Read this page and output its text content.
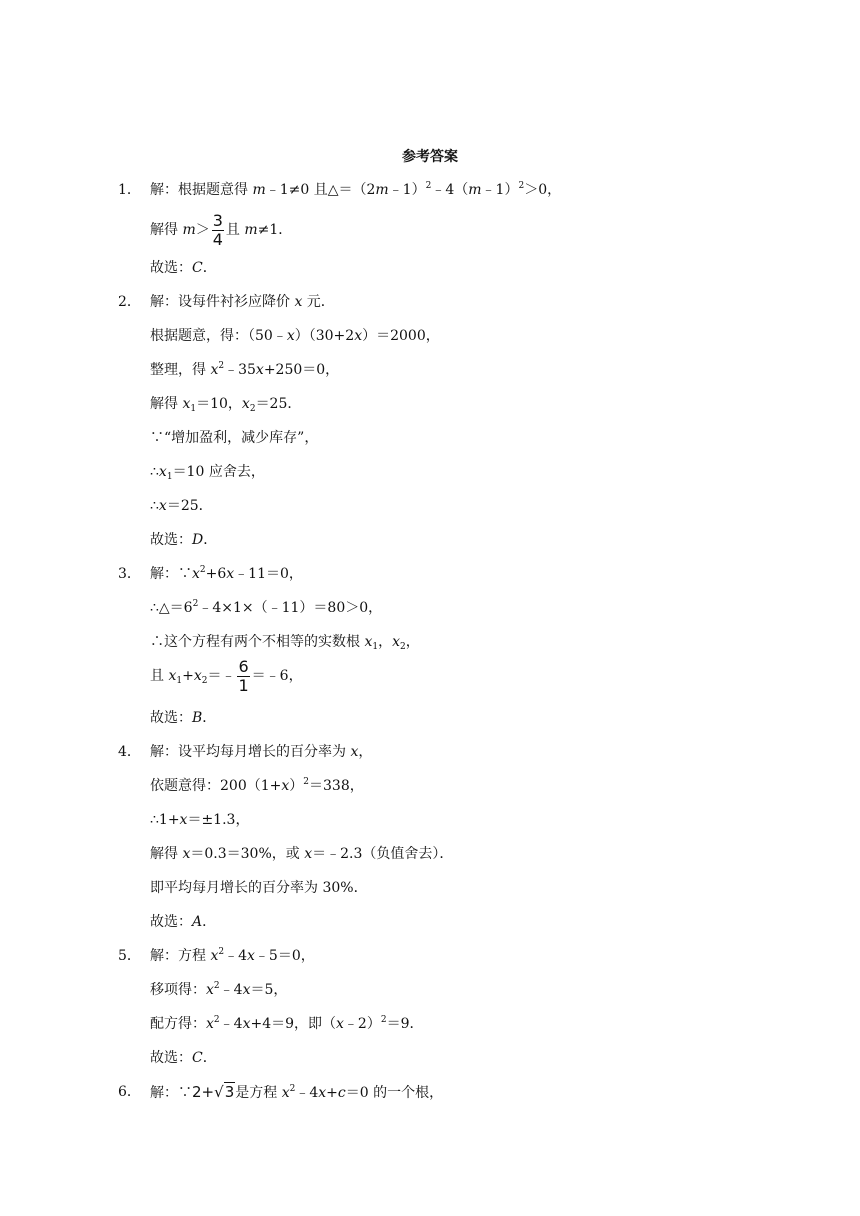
参考答案
1． 解：根据题意得 m﹣1≠0 且△＝（2m﹣1）$^2$﹣4（m﹣1）$^2$＞0，
解得 $m> \frac{3}{4}$ 且 m≠1．
故选：C．
2． 解：设每件衬衫应降价 x 元．
根据题意，得：（50﹣x）（30+2x）＝2000，
整理，得 $x^2﹣35x+250=0$，
解得 $x_1=10$，$x_2=25$．
∵“增加盈利，减少库存”，
$\therefore x_1=10$ 应舍去，
∴x＝25．
故选：D．
3． 解：$\because x^2+6x﹣11=0$，
$\therefore\triangle=6^2﹣4\times 1\times(﹣11)=80>0$，
∴这个方程有两个不相等的实数根 $x_1$，$x_2$，
且 $x_1+x_2=﹣ \frac{6}{1}$ ＝﹣6，
故选：B．
4． 解：设平均每月增长的百分率为 x，
依题意得：$200(1+x)^2=338$，
∴1+x＝±1.3，
解得 x＝0.3＝30%，或 x＝﹣2.3（负值舍去）．
即平均每月增长的百分率为 30%．
故选：A．
5． 解：方程 $x^2﹣4x﹣5=0$，
移项得：$x^2﹣4x=5$，
配方得：$x^2﹣4x+4=9$，即（x﹣2）$^2$＝9．
故选：C．
6． 解：∵2+√3是方程 $x^2﹣4x+c=0$ 的一个根，
